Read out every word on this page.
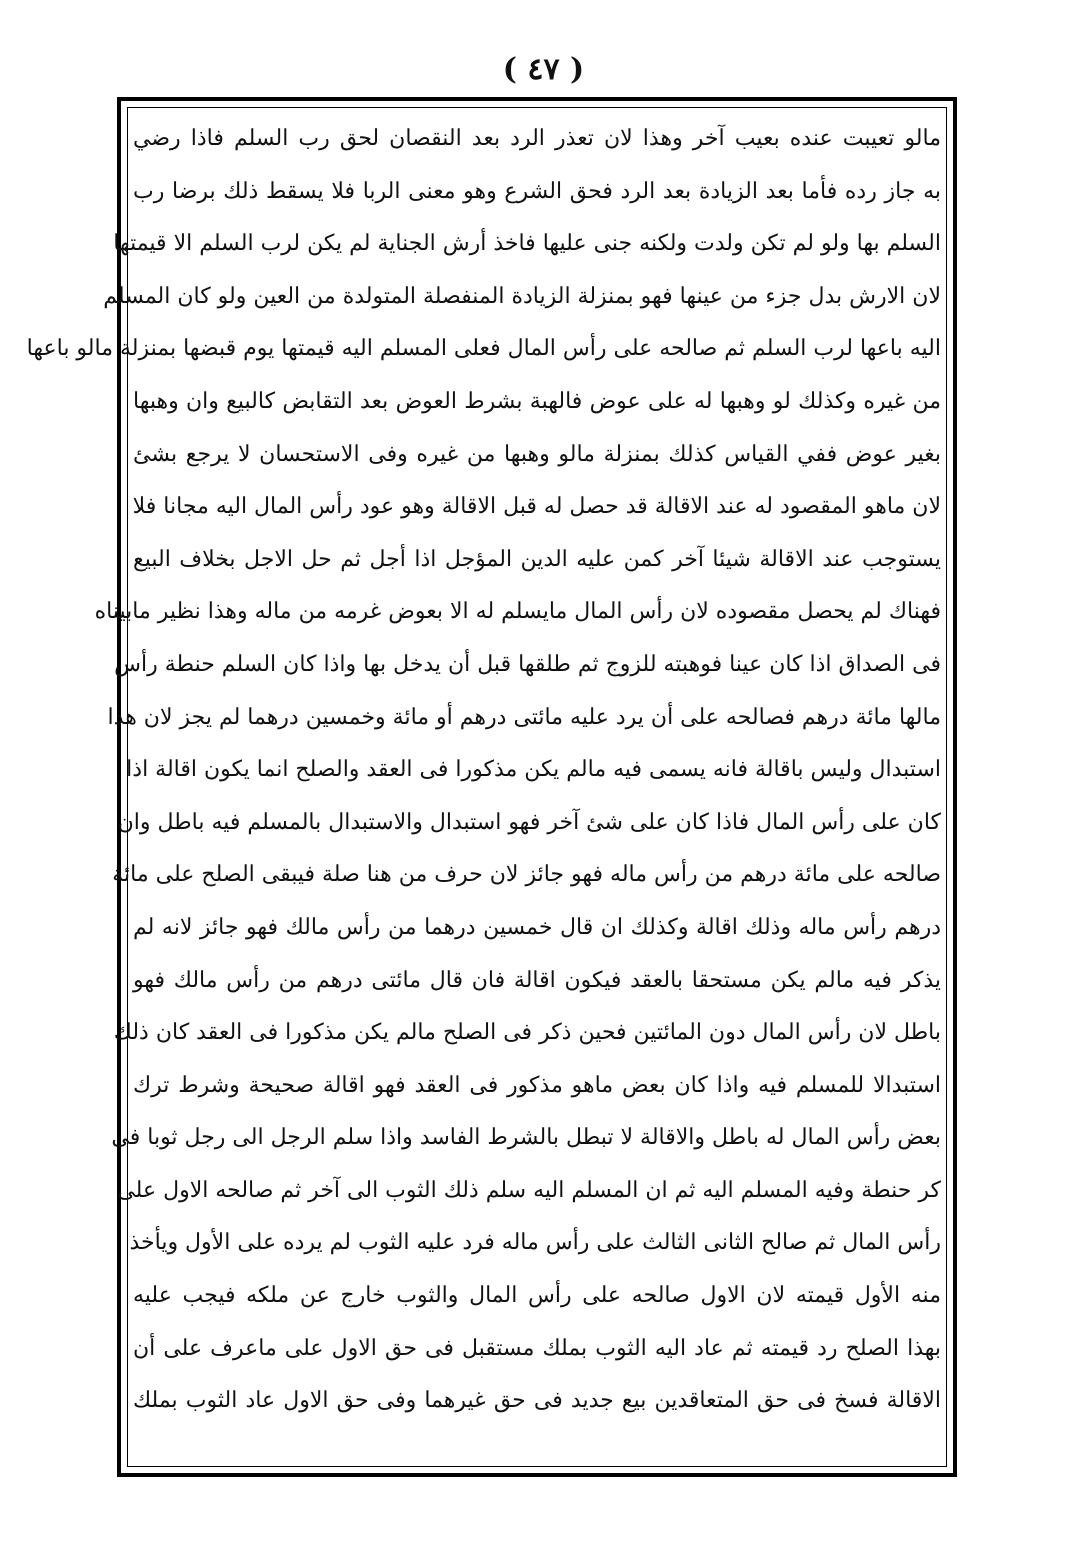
( ٤٧ )
مالو تعيبت عنده بعيب آخر وهذا لان تعذر الرد بعد النقصان لحق رب السلم فاذا رضي
به جاز رده فأما بعد الزيادة بعد الرد فحق الشرع وهو معنى الربا فلا يسقط ذلك برضا رب
السلم بها ولو لم تكن ولدت ولكنه جنى عليها فاخذ أرش الجناية لم يكن لرب السلم الا قيمتها
لان الارش بدل جزء من عينها فهو بمنزلة الزيادة المنفصلة المتولدة من العين ولو كان المسلم
اليه باعها لرب السلم ثم صالحه على رأس المال فعلى المسلم اليه قيمتها يوم قبضها بمنزلة مالو باعها
من غيره وكذلك لو وهبها له على عوض فالهبة بشرط العوض بعد التقابض كالبيع وان وهبها
بغير عوض ففي القياس كذلك بمنزلة مالو وهبها من غيره وفى الاستحسان لا يرجع بشئ
لان ماهو المقصود له عند الاقالة قد حصل له قبل الاقالة وهو عود رأس المال اليه مجانا فلا
يستوجب عند الاقالة شيئا آخر كمن عليه الدين المؤجل اذا أجل ثم حل الاجل بخلاف البيع
فهناك لم يحصل مقصوده لان رأس المال مايسلم له الا بعوض غرمه من ماله وهذا نظير مابيناه
فى الصداق اذا كان عينا فوهبته للزوج ثم طلقها قبل أن يدخل بها واذا كان السلم حنطة رأس
مالها مائة درهم فصالحه على أن يرد عليه مائتى درهم أو مائة وخمسين درهما لم يجز لان هذا
استبدال وليس باقالة فانه يسمى فيه مالم يكن مذكورا فى العقد والصلح انما يكون اقالة اذا
كان على رأس المال فاذا كان على شئ آخر فهو استبدال والاستبدال بالمسلم فيه باطل وان
صالحه على مائة درهم من رأس ماله فهو جائز لان حرف من هنا صلة فيبقى الصلح على مائة
درهم رأس ماله وذلك اقالة وكذلك ان قال خمسين درهما من رأس مالك فهو جائز لانه لم
يذكر فيه مالم يكن مستحقا بالعقد فيكون اقالة فان قال مائتى درهم من رأس مالك فهو
باطل لان رأس المال دون المائتين فحين ذكر فى الصلح مالم يكن مذكورا فى العقد كان ذلك
استبدالا للمسلم فيه واذا كان بعض ماهو مذكور فى العقد فهو اقالة صحيحة وشرط ترك
بعض رأس المال له باطل والاقالة لا تبطل بالشرط الفاسد واذا سلم الرجل الى رجل ثوبا فى
كر حنطة وفيه المسلم اليه ثم ان المسلم اليه سلم ذلك الثوب الى آخر ثم صالحه الاول على
رأس المال ثم صالح الثانى الثالث على رأس ماله فرد عليه الثوب لم يرده على الأول ويأخذ
منه الأول قيمته لان الاول صالحه على رأس المال والثوب خارج عن ملكه فيجب عليه
بهذا الصلح رد قيمته ثم عاد اليه الثوب بملك مستقبل فى حق الاول على ماعرف على أن
الاقالة فسخ فى حق المتعاقدين بيع جديد فى حق غيرهما وفى حق الاول عاد الثوب بملك
